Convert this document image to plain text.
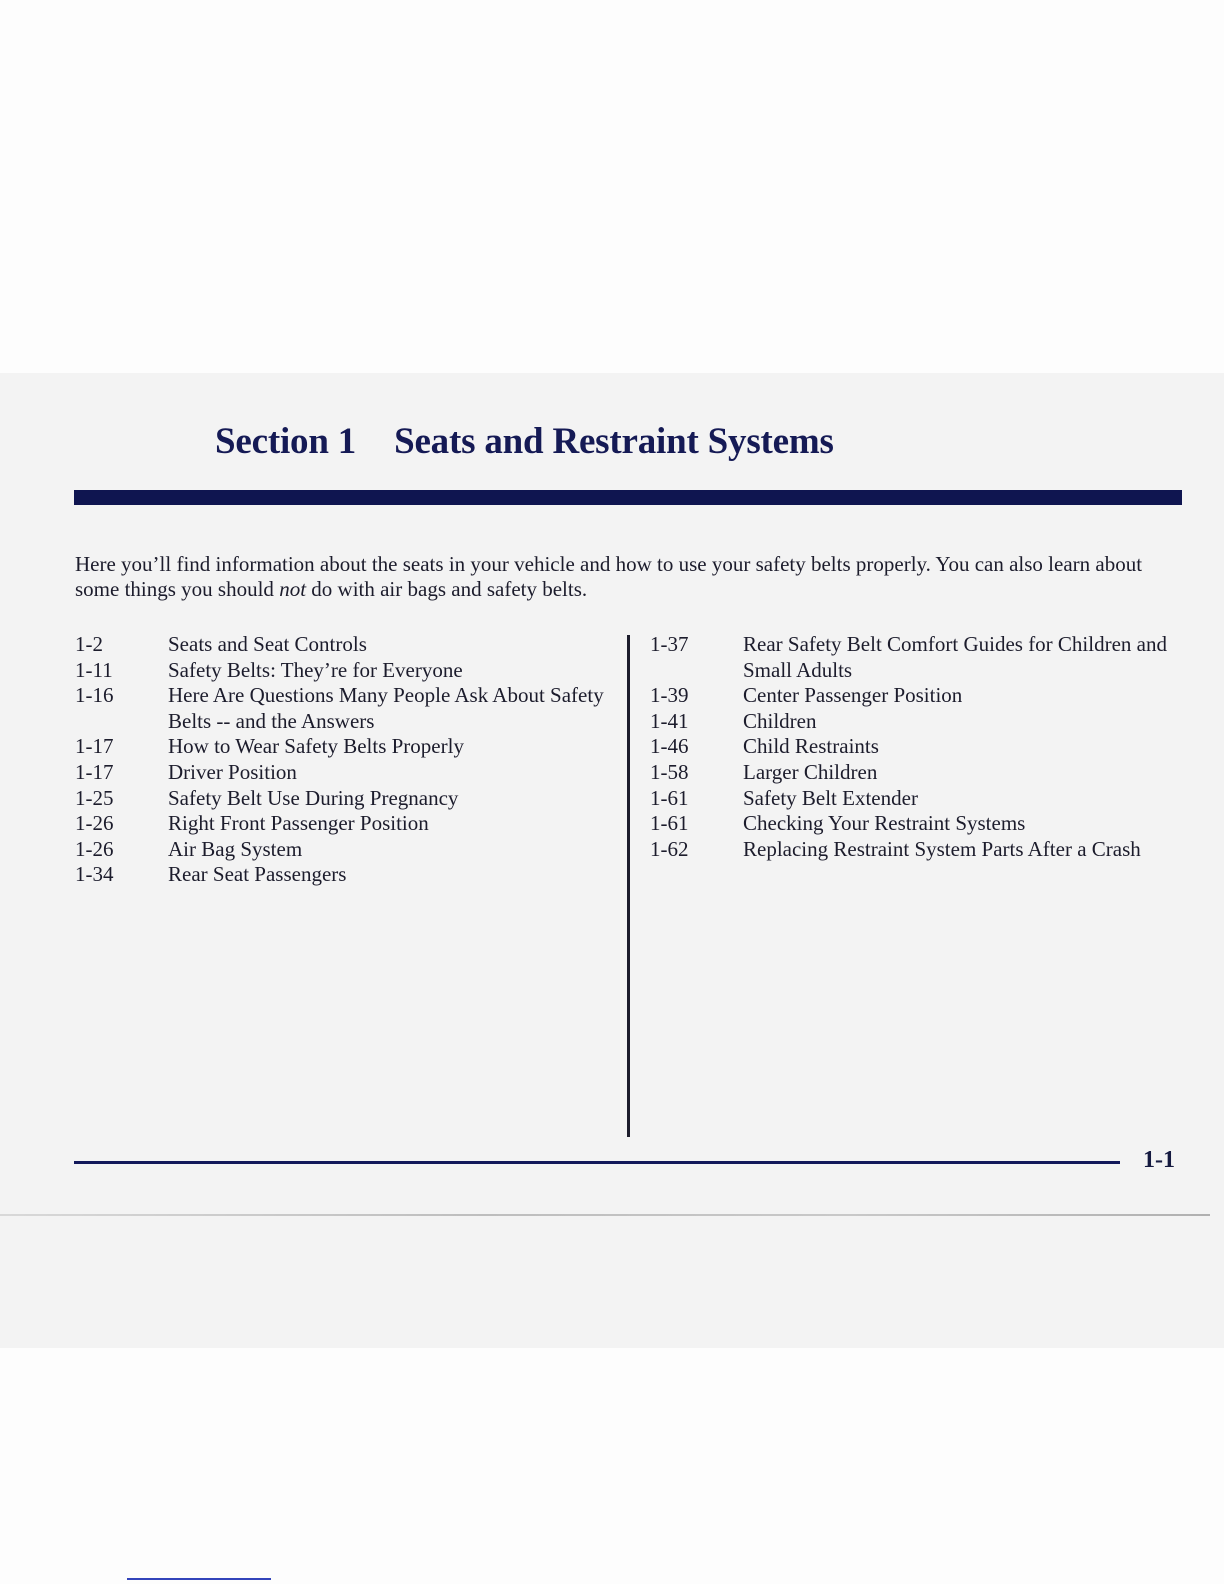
Section 1 Seats and Restraint Systems

Here you’ll find information about the seats in your vehicle and how to use your safety belts properly. You can also learn about some things you should not do with air bags and safety belts.

1-2	Seats and Seat Controls
1-11	Safety Belts: They’re for Everyone
1-16	Here Are Questions Many People Ask About Safety Belts -- and the Answers
1-17	How to Wear Safety Belts Properly
1-17	Driver Position
1-25	Safety Belt Use During Pregnancy
1-26	Right Front Passenger Position
1-26	Air Bag System
1-34	Rear Seat Passengers
1-37	Rear Safety Belt Comfort Guides for Children and Small Adults
1-39	Center Passenger Position
1-41	Children
1-46	Child Restraints
1-58	Larger Children
1-61	Safety Belt Extender
1-61	Checking Your Restraint Systems
1-62	Replacing Restraint System Parts After a Crash
1-1
